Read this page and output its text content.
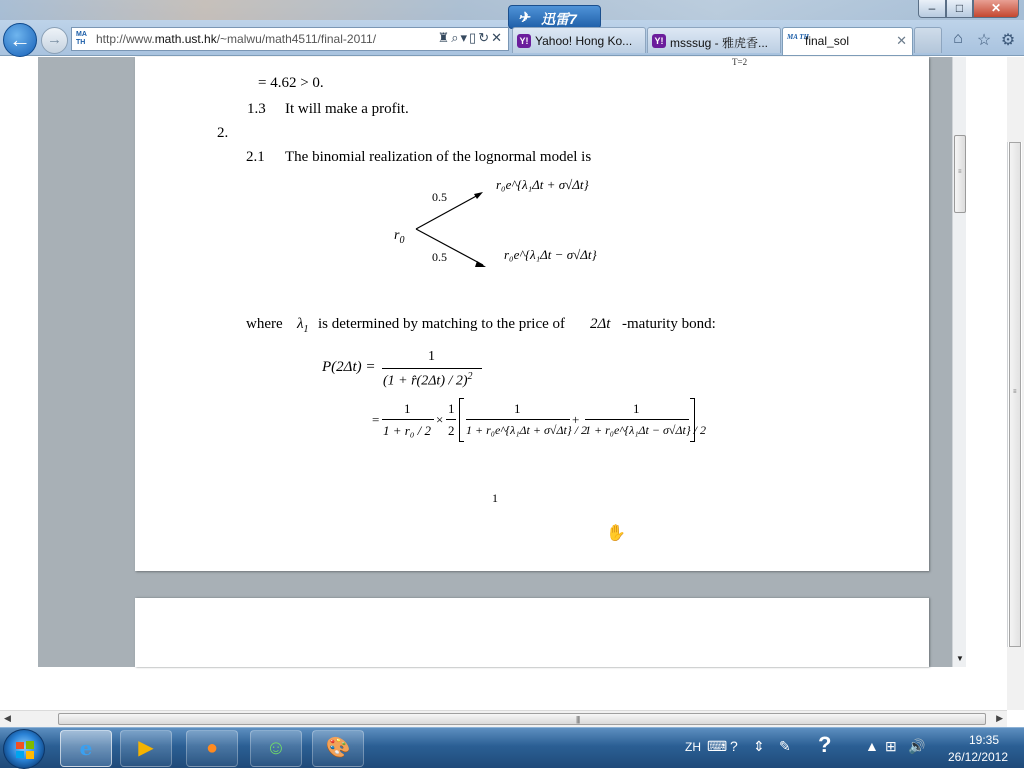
✈ 迅雷7
–	□	✕
←	→	MA TH http://www.math.ust.hk/~malwu/math4511/final-2011/	♜⌕▾▯↻✕ Y! Yahoo! Hong Ko... Y! msssug - 雅虎香...	MA TH
final_sol	✕	⌂ ☆ ⚙
T=2
= 4.62 > 0.
1.3 It will make a profit.
2.
2.1 The binomial realization of the lognormal model is
0.5
0.5
$r_0$
r₀e^{λ₁Δt + σ√Δt}
r₀e^{λ₁Δt − σ√Δt}
where $\lambda_1$ is determined by matching to the price of 2Δt -maturity bond:
P(2Δt) =
1
(1 + r̂(2Δt) / 2)$^2$
=
1
1 + r₀ / 2
×
1
2
1
1 + r₀e^{λ₁Δt + σ√Δt} / 2
+
1
1 + r₀e^{λ₁Δt − σ√Δt} / 2
1
✋
≡
▼
≡
◀	|||	▶
e	▶	●	☺	🎨	ZH ⌨ ? ⇕ ✎ ? ▲ ⊞ 🔊	19:35
26/12/2012
